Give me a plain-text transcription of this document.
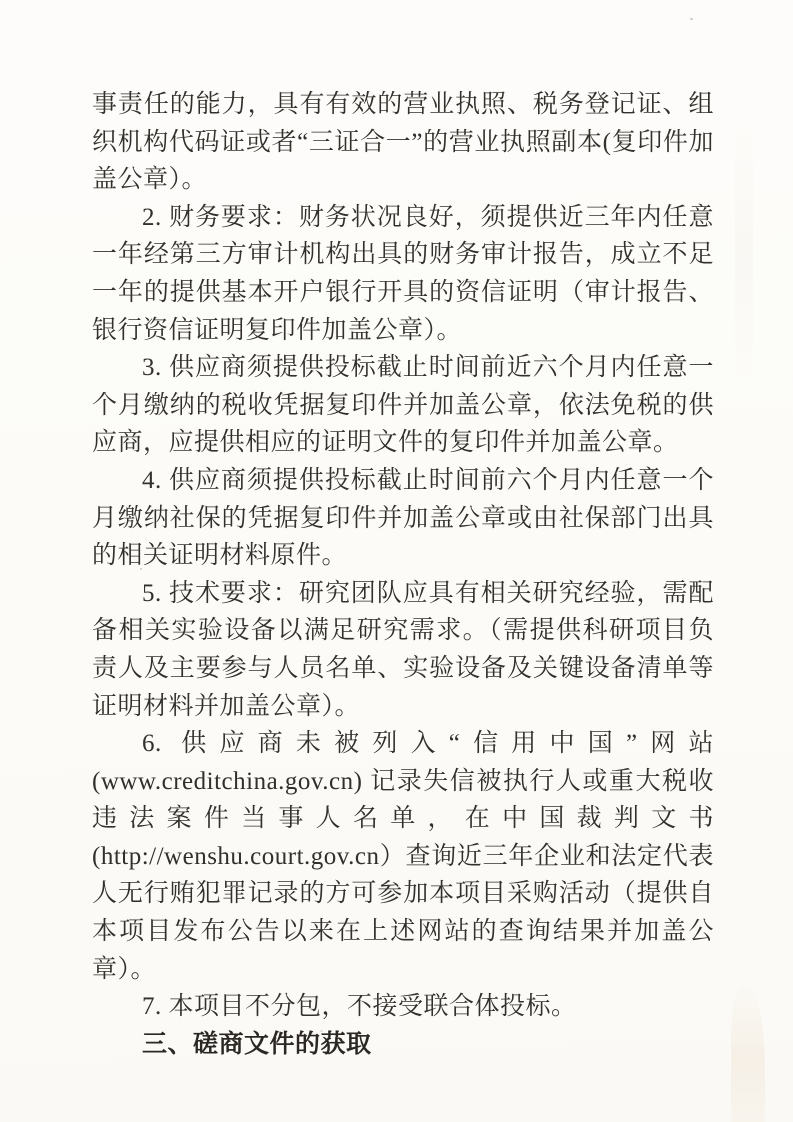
事责任的能力，具有有效的营业执照、税务登记证、组织机构代码证或者“三证合一”的营业执照副本(复印件加盖公章）。

2. 财务要求：财务状况良好，须提供近三年内任意一年经第三方审计机构出具的财务审计报告，成立不足一年的提供基本开户银行开具的资信证明（审计报告、银行资信证明复印件加盖公章）。

3. 供应商须提供投标截止时间前近六个月内任意一个月缴纳的税收凭据复印件并加盖公章，依法免税的供应商，应提供相应的证明文件的复印件并加盖公章。

4. 供应商须提供投标截止时间前六个月内任意一个月缴纳社保的凭据复印件并加盖公章或由社保部门出具的相关证明材料原件。

5. 技术要求：研究团队应具有相关研究经验，需配备相关实验设备以满足研究需求。（需提供科研项目负责人及主要参与人员名单、实验设备及关键设备清单等证明材料并加盖公章）。

6. 供应商未被列入“信用中国”网站(www.creditchina.gov.cn) 记录失信被执行人或重大税收违法案件当事人名单，在中国裁判文书(http://wenshu.court.gov.cn）查询近三年企业和法定代表人无行贿犯罪记录的方可参加本项目采购活动（提供自本项目发布公告以来在上述网站的查询结果并加盖公章）。

7. 本项目不分包，不接受联合体投标。

三、磋商文件的获取
